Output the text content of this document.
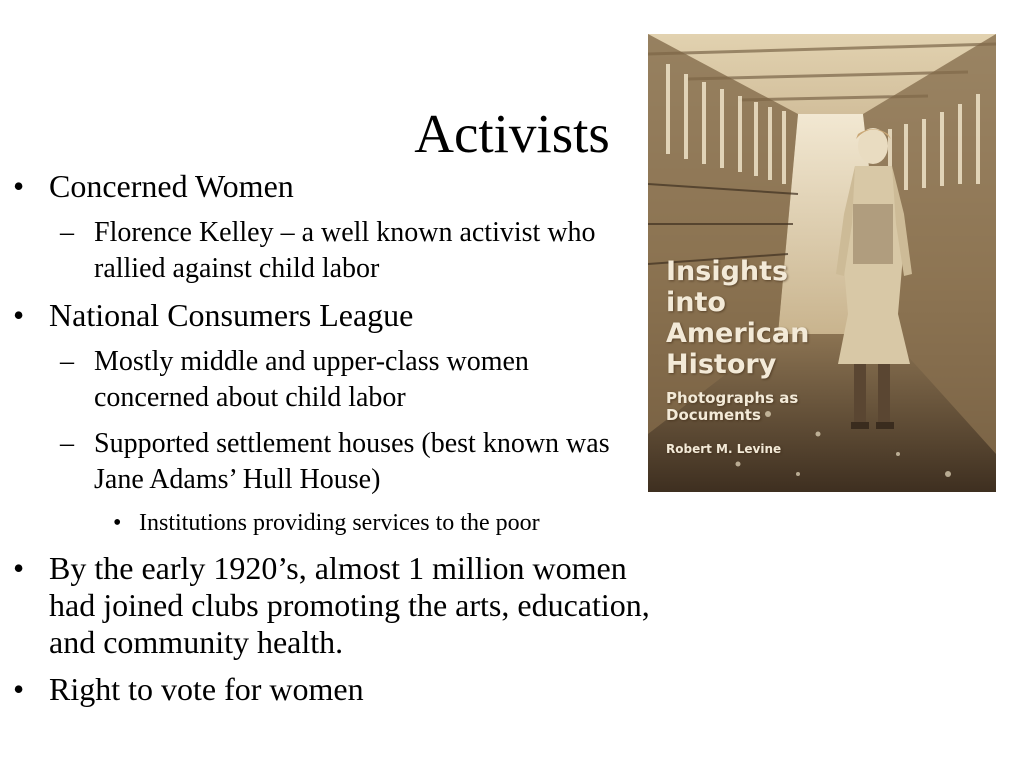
Activists
• Concerned Women
– Florence Kelley – a well known activist who rallied against child labor
• National Consumers League
– Mostly middle and upper-class women concerned about child labor
– Supported settlement houses (best known was Jane Adams’ Hull House)
• Institutions providing services to the poor
• By the early 1920’s, almost 1 million women had joined clubs promoting the arts, education, and community health.
• Right to vote for women
Insights
into
American
History
Photographs as
Documents
Robert M. Levine
